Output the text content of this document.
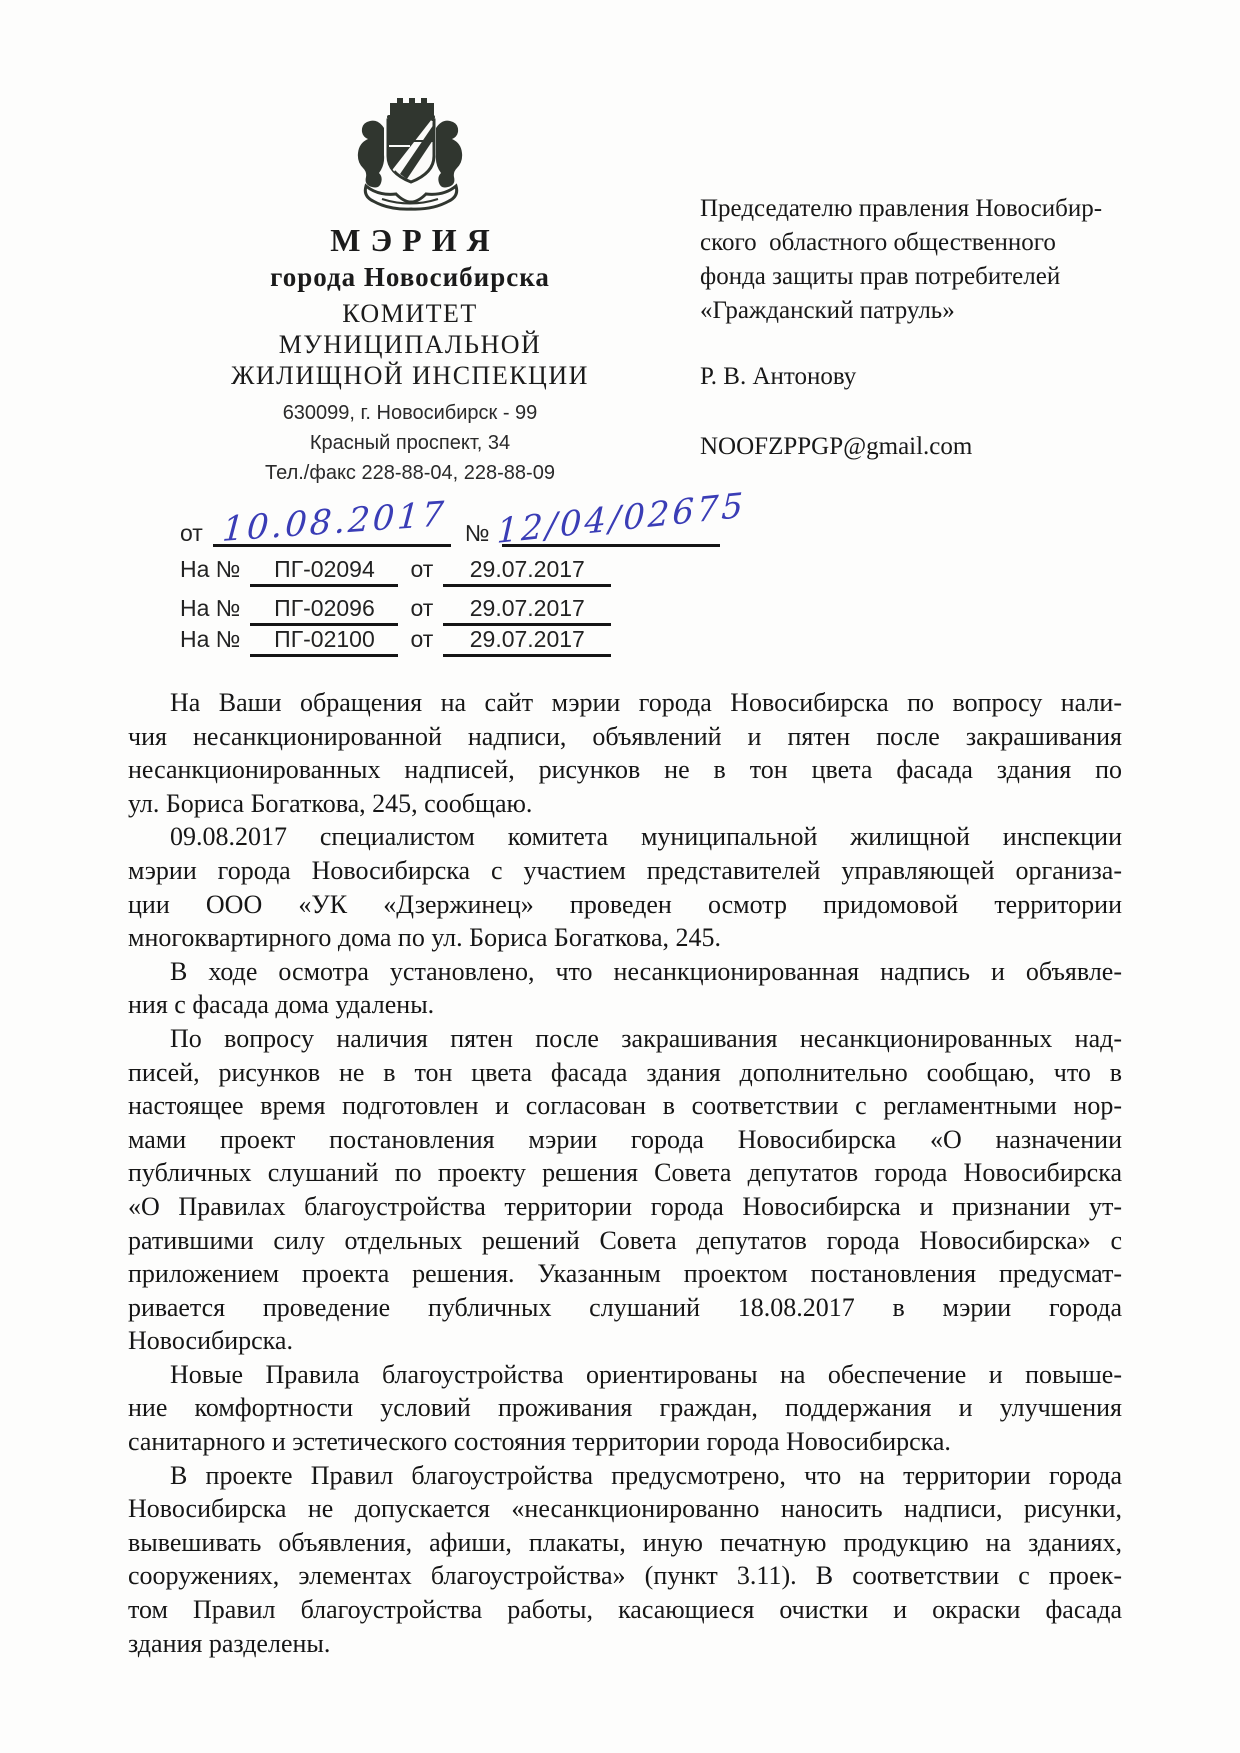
МЭРИЯ
города Новосибирска
КОМИТЕТ
МУНИЦИПАЛЬНОЙ
ЖИЛИЩНОЙ ИНСПЕКЦИИ
630099, г. Новосибирск - 99
Красный проспект, 34
Тел./факс 228-88-04, 228-88-09
от 10.08.2017 № 12/04/02675
На №	ПГ-02094	от	29.07.2017
На №	ПГ-02096	от	29.07.2017
На №	ПГ-02100	от	29.07.2017
Председателю правления Новосибир-
ского  областного общественного
фонда защиты прав потребителей
«Гражданский патруль»
Р. В. Антонову
NOOFZPPGP@gmail.com
На Ваши обращения на сайт мэрии города Новосибирска по вопросу нали-
чия несанкционированной надписи, объявлений и пятен после закрашивания
несанкционированных надписей, рисунков не в тон цвета фасада здания по
ул. Бориса Богаткова, 245, сообщаю.
09.08.2017 специалистом комитета муниципальной жилищной инспекции
мэрии города Новосибирска с участием представителей управляющей организа-
ции ООО «УК «Дзержинец» проведен осмотр придомовой территории
многоквартирного дома по ул. Бориса Богаткова, 245.
В ходе осмотра установлено, что несанкционированная надпись и объявле-
ния с фасада дома удалены.
По вопросу наличия пятен после закрашивания несанкционированных над-
писей, рисунков не в тон цвета фасада здания дополнительно сообщаю, что в
настоящее время подготовлен и согласован в соответствии с регламентными нор-
мами проект постановления мэрии города Новосибирска «О назначении
публичных слушаний по проекту решения Совета депутатов города Новосибирска
«О Правилах благоустройства территории города Новосибирска и признании ут-
ратившими силу отдельных решений Совета депутатов города Новосибирска» с
приложением проекта решения. Указанным проектом постановления предусмат-
ривается проведение публичных слушаний 18.08.2017 в мэрии города
Новосибирска.
Новые Правила благоустройства ориентированы на обеспечение и повыше-
ние комфортности условий проживания граждан, поддержания и улучшения
санитарного и эстетического состояния территории города Новосибирска.
В проекте Правил благоустройства предусмотрено, что на территории города
Новосибирска не допускается «несанкционированно наносить надписи, рисунки,
вывешивать объявления, афиши, плакаты, иную печатную продукцию на зданиях,
сооружениях, элементах благоустройства» (пункт 3.11). В соответствии с проек-
том Правил благоустройства работы, касающиеся очистки и окраски фасада
здания разделены.
